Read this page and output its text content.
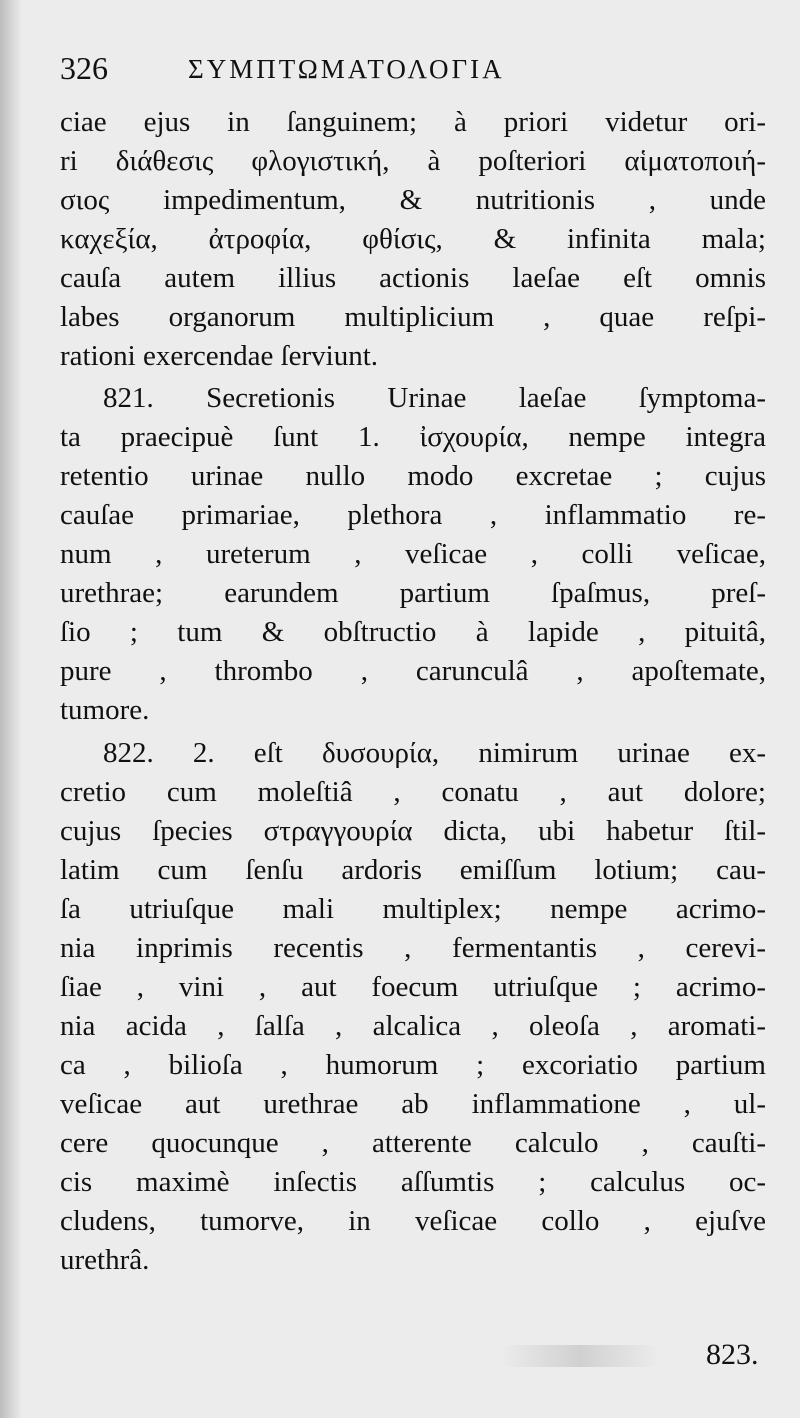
326	ΣΥΜΠΤΩΜΑΤΟΛΟΓΙΑ
ciae ejus in ſanguinem; à priori videtur ori-
ri διάθεσις φλογιστική, à poſteriori αἱματοποιή-
σιος impedimentum, & nutritionis , unde
καχεξία, ἀτροφία, φθίσις, & infinita mala;
cauſa autem illius actionis laeſae eſt omnis
labes organorum multiplicium , quae reſpi-
rationi exercendae ſerviunt.
821. Secretionis Urinae laeſae ſymptoma-
ta praecipuè ſunt 1. ἰσχουρία, nempe integra
retentio urinae nullo modo excretae ; cujus
cauſae primariae, plethora , inflammatio re-
num , ureterum , veſicae , colli veſicae,
urethrae; earundem partium ſpaſmus, preſ-
ſio ; tum & obſtructio à lapide , pituitâ,
pure , thrombo , carunculâ , apoſtemate,
tumore.
822. 2. eſt δυσουρία, nimirum urinae ex-
cretio cum moleſtiâ , conatu , aut dolore;
cujus ſpecies στραγγουρία dicta, ubi habetur ſtil-
latim cum ſenſu ardoris emiſſum lotium; cau-
ſa utriuſque mali multiplex; nempe acrimo-
nia inprimis recentis , fermentantis , cerevi-
ſiae , vini , aut foecum utriuſque ; acrimo-
nia acida , ſalſa , alcalica , oleoſa , aromati-
ca , bilioſa , humorum ; excoriatio partium
veſicae aut urethrae ab inflammatione , ul-
cere quocunque , atterente calculo , cauſti-
cis maximè inſectis aſſumtis ; calculus oc-
cludens, tumorve, in veſicae collo , ejuſve
urethrâ.
823.
